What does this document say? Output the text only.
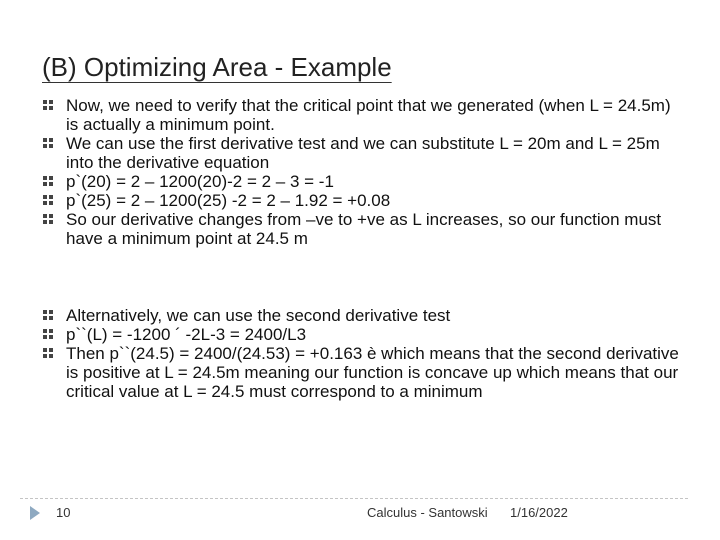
(B) Optimizing Area - Example
Now, we need to verify that the critical point that we generated (when L = 24.5m) is actually a minimum point.
We can use the first derivative test and we can substitute L = 20m and L = 25m into the derivative equation
p`(20) = 2 – 1200(20)-2 = 2 – 3 = -1
p`(25) = 2 – 1200(25) -2 = 2 – 1.92 = +0.08
So our derivative changes from –ve to +ve as L increases, so our function must have a minimum point at 24.5 m
Alternatively, we can use the second derivative test
p``(L) = -1200 ´ -2L-3 = 2400/L3
Then p``(24.5) = 2400/(24.53) = +0.163 è which means that the second derivative is positive at L = 24.5m meaning our function is concave up which means that our critical value at L = 24.5 must correspond to a minimum
10	Calculus - Santowski 1/16/2022
